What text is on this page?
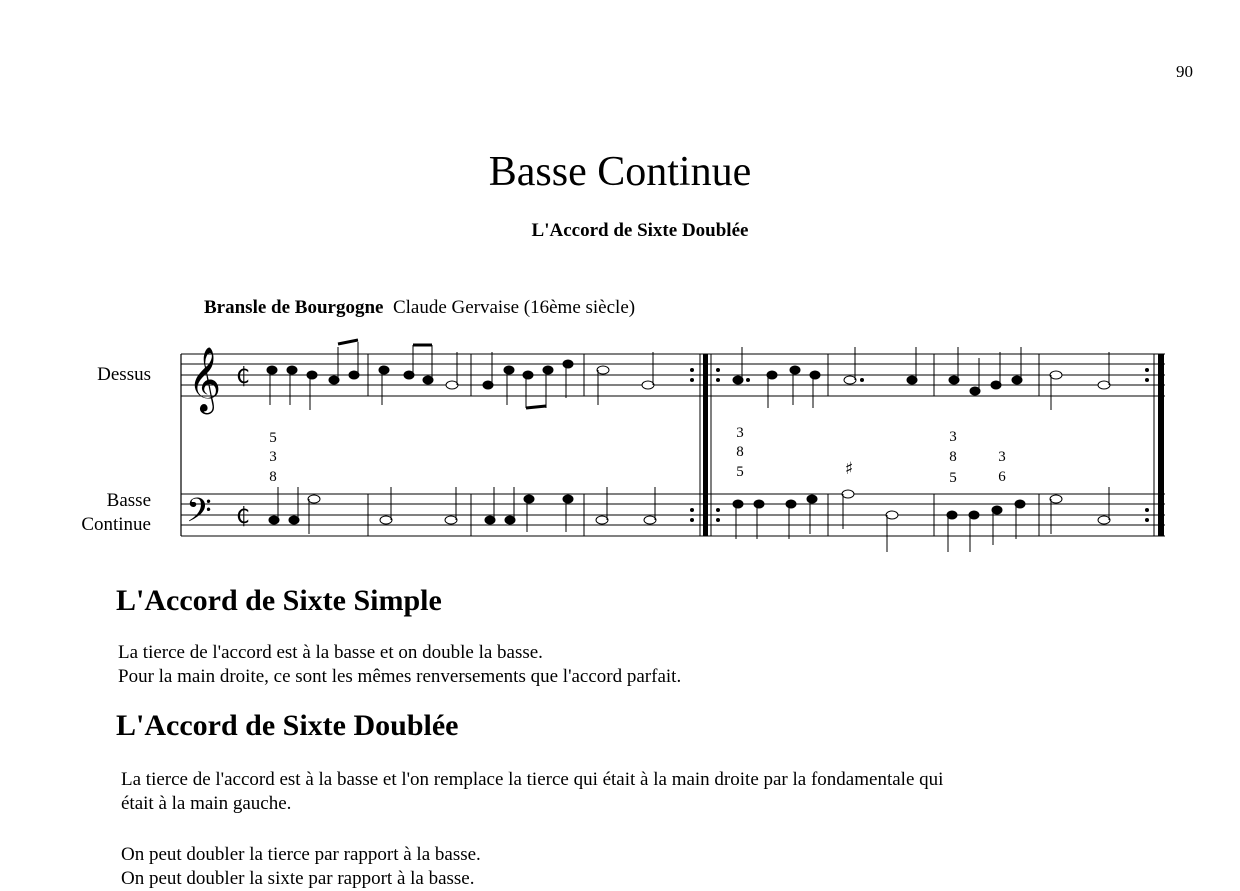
90
Basse Continue
L'Accord de Sixte Doublée
Bransle de Bourgogne Claude Gervaise (16ème siècle)
Dessus
Basse
Continue
𝄞
𝄢
₵
₵
5
3
8
3
8
5	♯
3
8
5
3
6
L'Accord de Sixte Simple
La tierce de l'accord est à la basse et on double la basse.
Pour la main droite, ce sont les mêmes renversements que l'accord parfait.
L'Accord de Sixte Doublée
La tierce de l'accord est à la basse et l'on remplace la tierce qui était à la main droite par la fondamentale qui
était à la main gauche.
On peut doubler la tierce par rapport à la basse.
On peut doubler la sixte par rapport à la basse.
